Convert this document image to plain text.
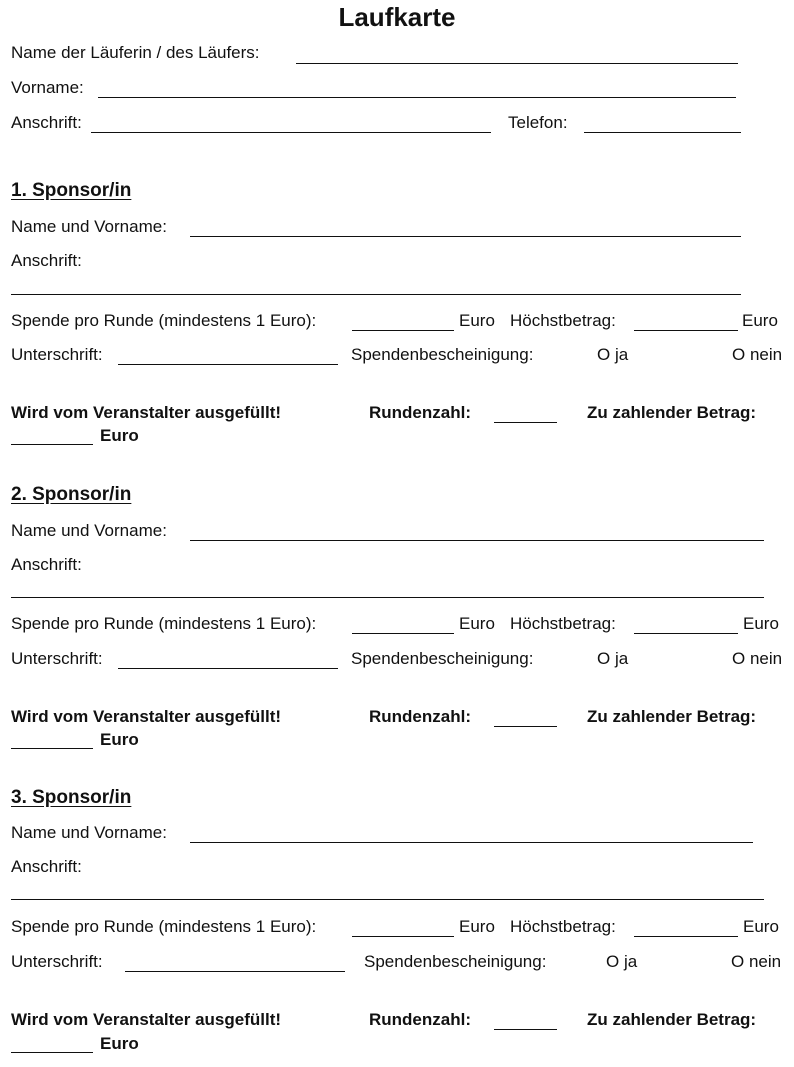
Laufkarte
Name der Läuferin / des Läufers:
Vorname:
Anschrift:	Telefon:
1. Sponsor/in
Name und Vorname:
Anschrift:
Spende pro Runde (mindestens 1 Euro):	Euro Höchstbetrag:	Euro
Unterschrift:	Spendenbescheinigung:	O ja	O nein
Wird vom Veranstalter ausgefüllt!	Rundenzahl:	Zu zahlender Betrag:
Euro
2. Sponsor/in
Name und Vorname:
Anschrift:
Spende pro Runde (mindestens 1 Euro):	Euro Höchstbetrag:	Euro
Unterschrift:	Spendenbescheinigung:	O ja	O nein
Wird vom Veranstalter ausgefüllt!	Rundenzahl:	Zu zahlender Betrag:
Euro
3. Sponsor/in
Name und Vorname:
Anschrift:
Spende pro Runde (mindestens 1 Euro):	Euro Höchstbetrag:	Euro
Unterschrift:	Spendenbescheinigung:	O ja	O nein
Wird vom Veranstalter ausgefüllt!	Rundenzahl:	Zu zahlender Betrag:
Euro
